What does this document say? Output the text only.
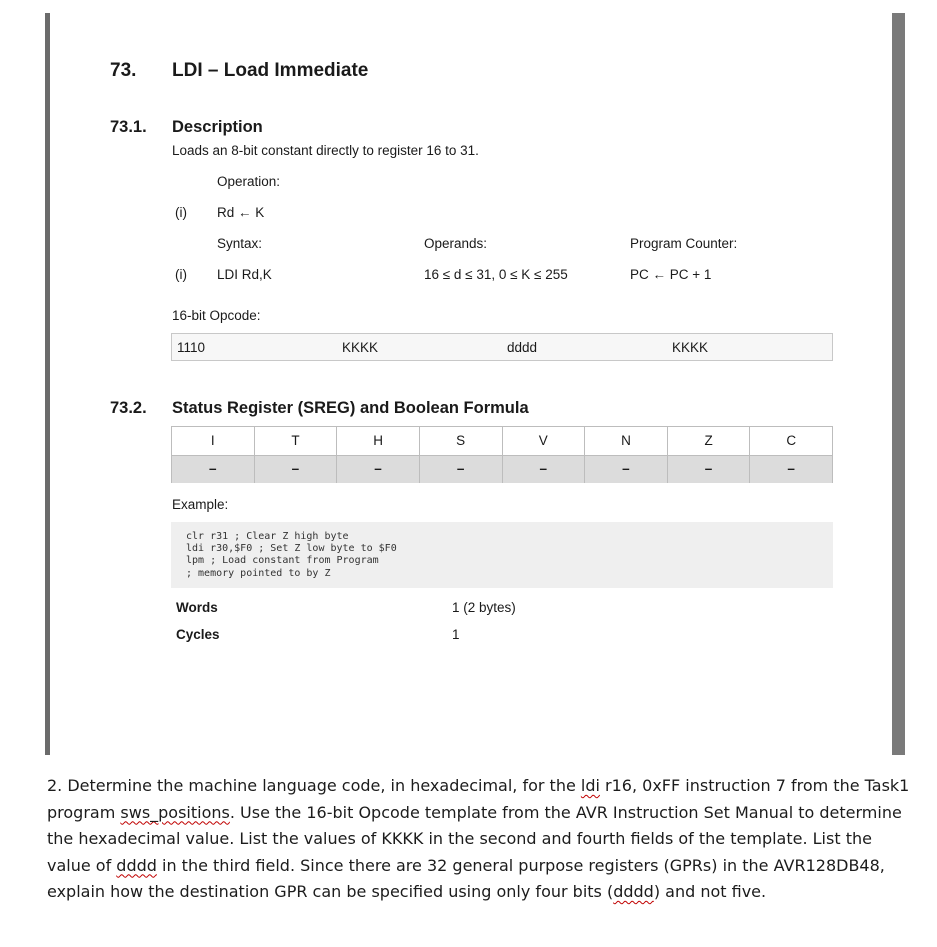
73. LDI – Load Immediate
73.1. Description
Loads an 8-bit constant directly to register 16 to 31.
Operation:
(i) Rd ← K
Syntax:	Operands:	Program Counter:
(i) LDI Rd,K	16 ≤ d ≤ 31, 0 ≤ K ≤ 255	PC ← PC + 1
16-bit Opcode:
1110	KKKK	dddd	KKKK
73.2. Status Register (SREG) and Boolean Formula
I	T	H	S	V	N	Z	C
–	–	–	–	–	–	–	–
Example:
clr r31 ; Clear Z high byte
ldi r30,$F0 ; Set Z low byte to $F0
lpm ; Load constant from Program
; memory pointed to by Z
Words	1 (2 bytes)
Cycles	1
2. Determine the machine language code, in hexadecimal, for the ldi r16, 0xFF instruction 7 from the Task1 program sws_positions. Use the 16-bit Opcode template from the AVR Instruction Set Manual to determine the hexadecimal value. List the values of KKKK in the second and fourth fields of the template. List the value of dddd in the third field. Since there are 32 general purpose registers (GPRs) in the AVR128DB48, explain how the destination GPR can be specified using only four bits (dddd) and not five.
